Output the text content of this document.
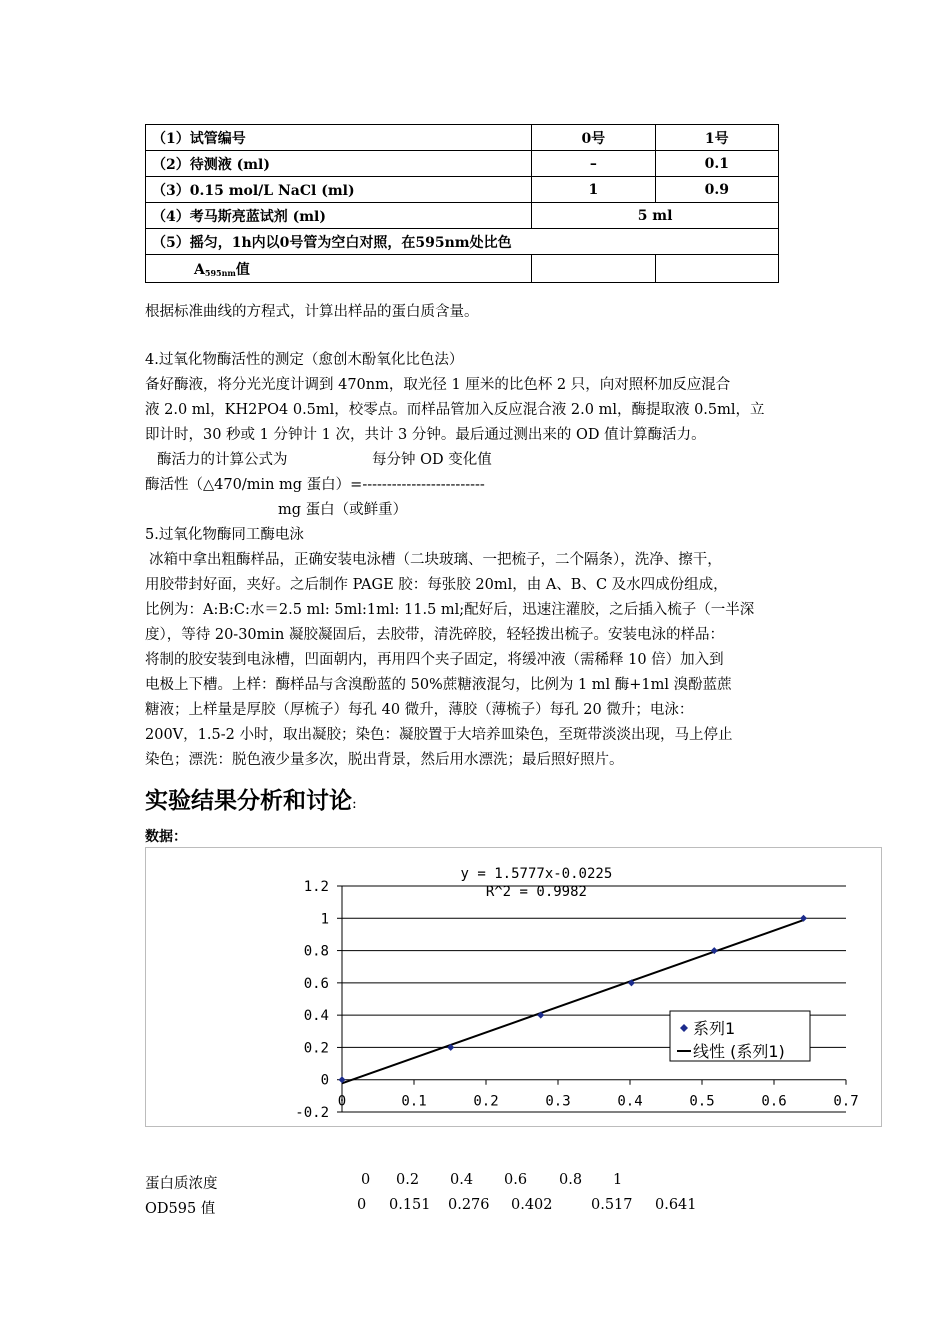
（1）试管编号	0号	1号
（2）待测液 (ml)	–	0.1
（3）0.15 mol/L NaCl (ml)	1	0.9
（4）考马斯亮蓝试剂 (ml)	5 ml	
（5）摇匀，1h内以0号管为空白对照，在595nm处比色		
$A_{595nm}$值		
根据标准曲线的方程式，计算出样品的蛋白质含量。
4.过氧化物酶活性的测定（愈创木酚氧化比色法）
备好酶液，将分光光度计调到 470nm，取光径 1 厘米的比色杯 2 只，向对照杯加反应混合
液 2.0 ml，KH2PO4 0.5ml，校零点。而样品管加入反应混合液 2.0 ml，酶提取液 0.5ml，立
即计时，30 秒或 1 分钟计 1 次，共计 3 分钟。最后通过测出来的 OD 值计算酶活力。
酶活力的计算公式为	每分钟 OD 变化值
酶活性（△470/min mg 蛋白）=-------------------------
mg 蛋白（或鲜重）
5.过氧化物酶同工酶电泳
冰箱中拿出粗酶样品，正确安装电泳槽（二块玻璃、一把梳子，二个隔条），洗净、擦干，
用胶带封好面，夹好。之后制作 PAGE 胶：每张胶 20ml，由 A、B、C 及水四成份组成，
比例为：A:B:C:水＝2.5 ml: 5ml:1ml: 11.5 ml;配好后，迅速注灌胶，之后插入梳子（一半深
度），等待 20-30min 凝胶凝固后，去胶带，清洗碎胶，轻轻拨出梳子。安装电泳的样品：
将制的胶安装到电泳槽，凹面朝内，再用四个夹子固定，将缓冲液（需稀释 10 倍）加入到
电极上下槽。上样：酶样品与含溴酚蓝的 50%蔗糖液混匀，比例为 1 ml 酶+1ml 溴酚蓝蔗
糖液；上样量是厚胶（厚梳子）每孔 40 微升，薄胶（薄梳子）每孔 20 微升；电泳：
200V，1.5-2 小时，取出凝胶；染色：凝胶置于大培养皿染色，至斑带淡淡出现，马上停止
染色；漂洗：脱色液少量多次，脱出背景，然后用水漂洗；最后照好照片。
实验结果分析和讨论:
数据：
-0.2
0
0.2
0.4
0.6
0.8
1
1.2
0	0.1	0.2	0.3	0.4	0.5	0.6	0.7
y = 1.5777x-0.0225
R^2 = 0.9982
系列1
线性 (系列1)
蛋白质浓度	0 0.2 0.4 0.6 0.8 1
OD595 值	0 0.151 0.276 0.402	0.517 0.641
